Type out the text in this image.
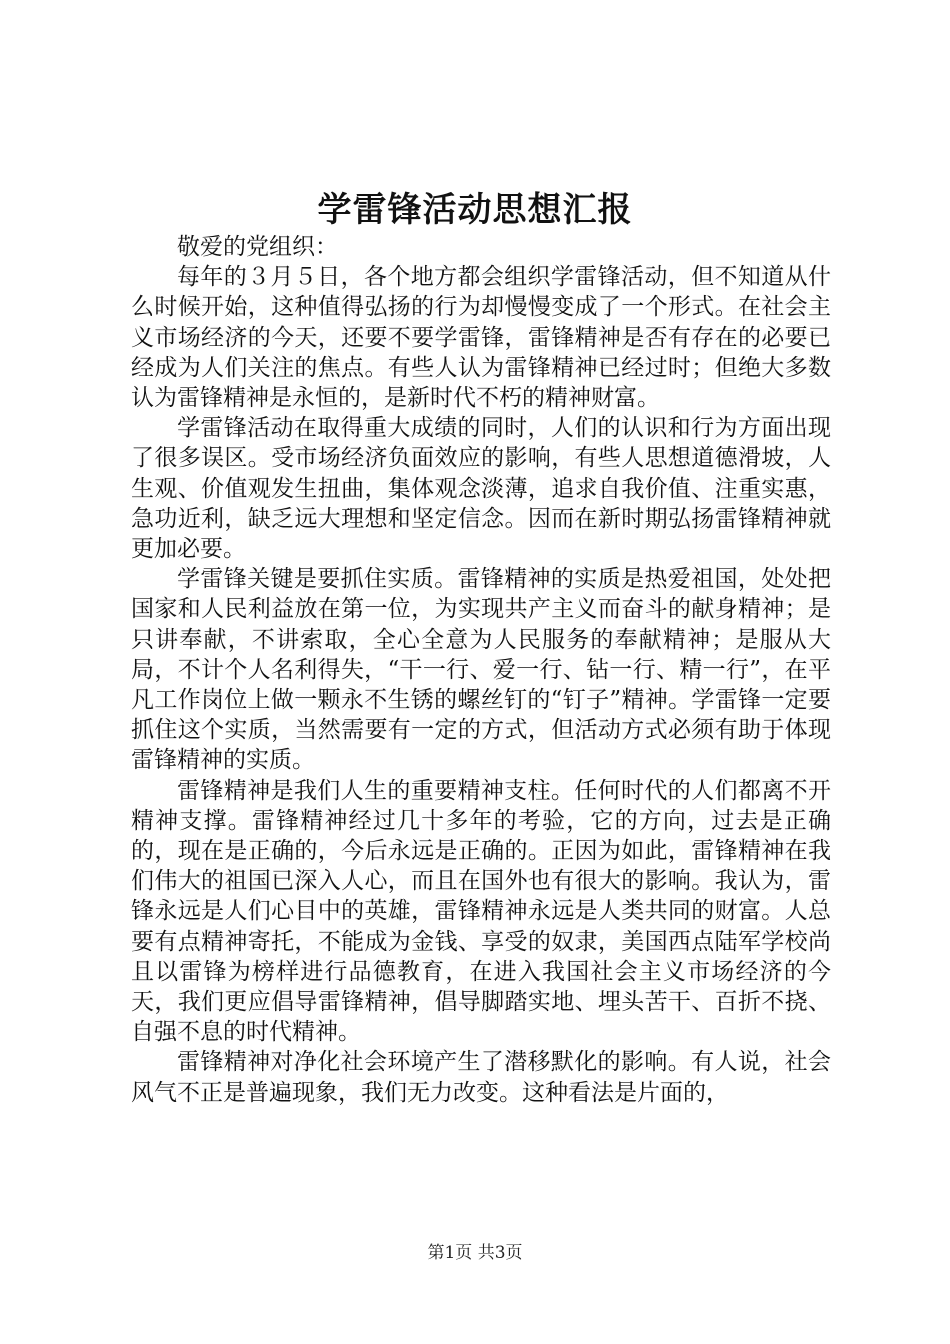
学雷锋活动思想汇报

敬爱的党组织：

每年的３月５日，各个地方都会组织学雷锋活动，但不知道从什么时候开始，这种值得弘扬的行为却慢慢变成了一个形式。在社会主义市场经济的今天，还要不要学雷锋，雷锋精神是否有存在的必要已经成为人们关注的焦点。有些人认为雷锋精神已经过时；但绝大多数认为雷锋精神是永恒的，是新时代不朽的精神财富。

学雷锋活动在取得重大成绩的同时，人们的认识和行为方面出现了很多误区。受市场经济负面效应的影响，有些人思想道德滑坡，人生观、价值观发生扭曲，集体观念淡薄，追求自我价值、注重实惠，急功近利，缺乏远大理想和坚定信念。因而在新时期弘扬雷锋精神就更加必要。

学雷锋关键是要抓住实质。雷锋精神的实质是热爱祖国，处处把国家和人民利益放在第一位，为实现共产主义而奋斗的献身精神；是只讲奉献，不讲索取，全心全意为人民服务的奉献精神；是服从大局，不计个人名利得失，“干一行、爱一行、钻一行、精一行”，在平凡工作岗位上做一颗永不生锈的螺丝钉的“钉子”精神。学雷锋一定要抓住这个实质，当然需要有一定的方式，但活动方式必须有助于体现雷锋精神的实质。

雷锋精神是我们人生的重要精神支柱。任何时代的人们都离不开精神支撑。雷锋精神经过几十多年的考验，它的方向，过去是正确的，现在是正确的，今后永远是正确的。正因为如此，雷锋精神在我们伟大的祖国已深入人心，而且在国外也有很大的影响。我认为，雷锋永远是人们心目中的英雄，雷锋精神永远是人类共同的财富。人总要有点精神寄托，不能成为金钱、享受的奴隶，美国西点陆军学校尚且以雷锋为榜样进行品德教育，在进入我国社会主义市场经济的今天，我们更应倡导雷锋精神，倡导脚踏实地、埋头苦干、百折不挠、自强不息的时代精神。

雷锋精神对净化社会环境产生了潜移默化的影响。有人说，社会风气不正是普遍现象，我们无力改变。这种看法是片面的，

第1页 共3页
